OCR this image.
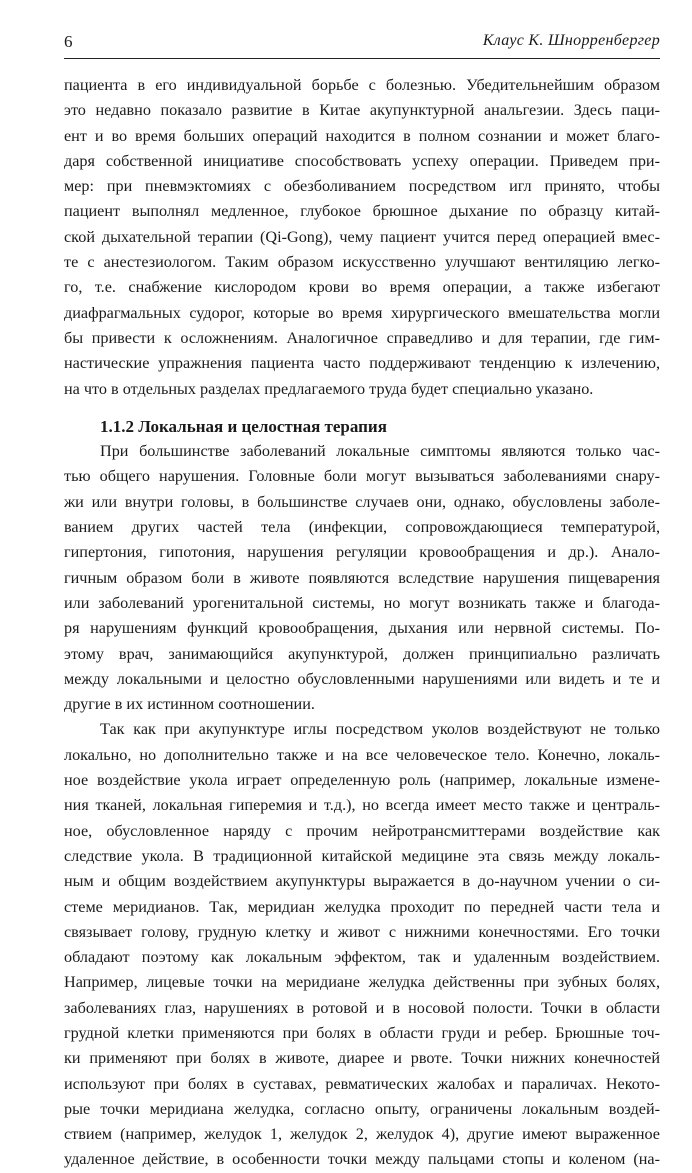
6	Клаус К. Шнорренбергер

пациента в его индивидуальной борьбе с болезнью. Убедительнейшим образом
это недавно показало развитие в Китае акупунктурной анальгезии. Здесь паци-
ент и во время больших операций находится в полном сознании и может благо-
даря собственной инициативе способствовать успеху операции. Приведем при-
мер: при пневмэктомиях с обезболиванием посредством игл принято, чтобы
пациент выполнял медленное, глубокое брюшное дыхание по образцу китай-
ской дыхательной терапии (Qi-Gong), чему пациент учится перед операцией вмес-
те с анестезиологом. Таким образом искусственно улучшают вентиляцию легко-
го, т.е. снабжение кислородом крови во время операции, а также избегают
диафрагмальных судорог, которые во время хирургического вмешательства могли
бы привести к осложнениям. Аналогичное справедливо и для терапии, где гим-
настические упражнения пациента часто поддерживают тенденцию к излечению,
на что в отдельных разделах предлагаемого труда будет специально указано.

1.1.2 Локальная и целостная терапия

При большинстве заболеваний локальные симптомы являются только час-
тью общего нарушения. Головные боли могут вызываться заболеваниями снару-
жи или внутри головы, в большинстве случаев они, однако, обусловлены заболе-
ванием других частей тела (инфекции, сопровождающиеся температурой,
гипертония, гипотония, нарушения регуляции кровообращения и др.). Анало-
гичным образом боли в животе появляются вследствие нарушения пищеварения
или заболеваний урогенитальной системы, но могут возникать также и благода-
ря нарушениям функций кровообращения, дыхания или нервной системы. По-
этому врач, занимающийся акупунктурой, должен принципиально различать
между локальными и целостно обусловленными нарушениями или видеть и те и
другие в их истинном соотношении.

Так как при акупунктуре иглы посредством уколов воздействуют не только
локально, но дополнительно также и на все человеческое тело. Конечно, локаль-
ное воздействие укола играет определенную роль (например, локальные измене-
ния тканей, локальная гиперемия и т.д.), но всегда имеет место также и централь-
ное, обусловленное наряду с прочим нейротрансмиттерами воздействие как
следствие укола. В традиционной китайской медицине эта связь между локаль-
ным и общим воздействием акупунктуры выражается в до-научном учении о си-
стеме меридианов. Так, меридиан желудка проходит по передней части тела и
связывает голову, грудную клетку и живот с нижними конечностями. Его точки
обладают поэтому как локальным эффектом, так и удаленным воздействием.
Например, лицевые точки на меридиане желудка действенны при зубных болях,
заболеваниях глаз, нарушениях в ротовой и в носовой полости. Точки в области
грудной клетки применяются при болях в области груди и ребер. Брюшные точ-
ки применяют при болях в животе, диарее и рвоте. Точки нижних конечностей
используют при болях в суставах, ревматических жалобах и параличах. Некото-
рые точки меридиана желудка, согласно опыту, ограничены локальным воздей-
ствием (например, желудок 1, желудок 2, желудок 4), другие имеют выраженное
удаленное действие, в особенности точки между пальцами стопы и коленом (на-
